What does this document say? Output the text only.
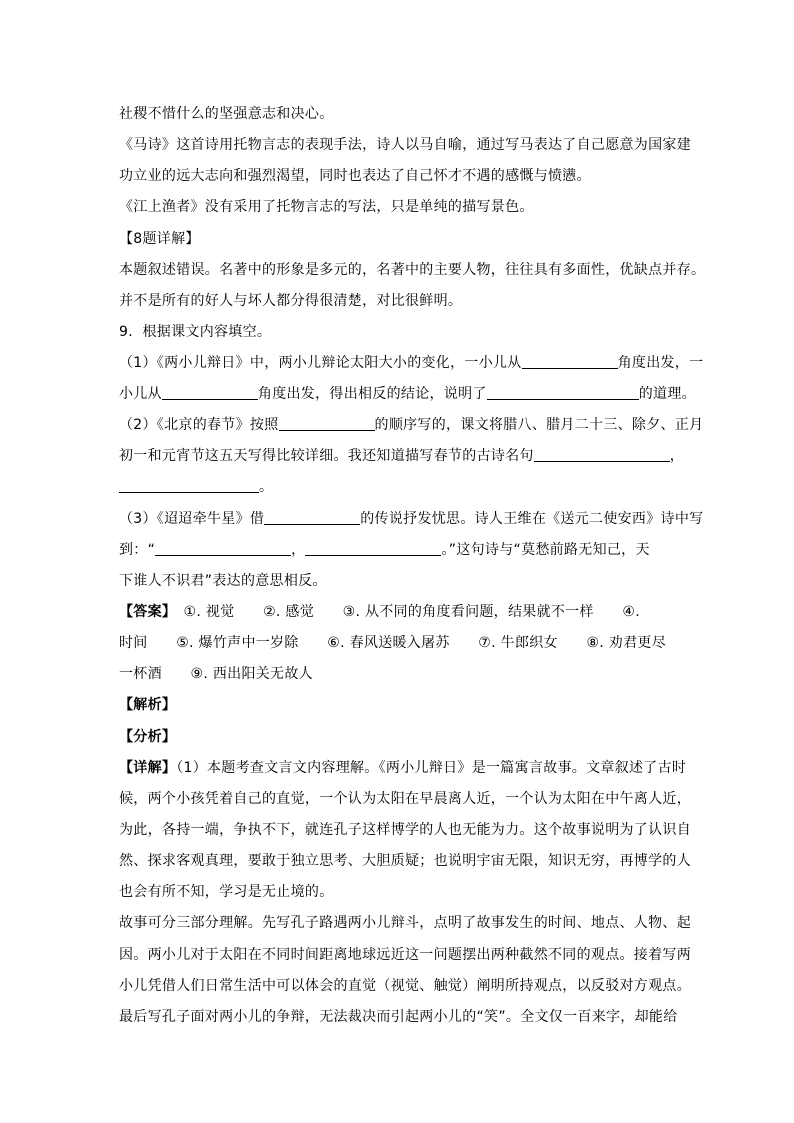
社稷不惜什么的坚强意志和决心。
《马诗》这首诗用托物言志的表现手法，诗人以马自喻，通过写马表达了自己愿意为国家建
功立业的远大志向和强烈渴望，同时也表达了自己怀才不遇的感慨与愤懑。
《江上渔者》没有采用了托物言志的写法，只是单纯的描写景色。
【8题详解】
本题叙述错误。名著中的形象是多元的，名著中的主要人物，往往具有多面性，优缺点并存。
并不是所有的好人与坏人都分得很清楚，对比很鲜明。
9．根据课文内容填空。
（1）《两小儿辩日》中，两小儿辩论太阳大小的变化，一小儿从	角度出发，一
小儿从	角度出发，得出相反的结论，说明了	的道理。
（2）《北京的春节》按照	的顺序写的，课文将腊八、腊月二十三、除夕、正月
初一和元宵节这五天写得比较详细。我还知道描写春节的古诗名句	，
。
（3）《迢迢牵牛星》借	的传说抒发忧思。诗人王维在《送元二使安西》诗中写
到：“	，	。”这句诗与“莫愁前路无知己，天
下谁人不识君”表达的意思相反。
【答案】　 ①. 视觉　　②. 感觉　　③. 从不同的角度看问题，结果就不一样　　④.
时间　　⑤. 爆竹声中一岁除　　⑥. 春风送暖入屠苏　　⑦. 牛郎织女　　⑧. 劝君更尽
一杯酒　　⑨. 西出阳关无故人
【解析】
【分析】
【详解】（1）本题考查文言文内容理解。《两小儿辩日》是一篇寓言故事。文章叙述了古时
候，两个小孩凭着自己的直觉，一个认为太阳在早晨离人近，一个认为太阳在中午离人近，
为此，各持一端，争执不下，就连孔子这样博学的人也无能为力。这个故事说明为了认识自
然、探求客观真理，要敢于独立思考、大胆质疑；也说明宇宙无限，知识无穷，再博学的人
也会有所不知，学习是无止境的。
故事可分三部分理解。先写孔子路遇两小儿辩斗，点明了故事发生的时间、地点、人物、起
因。两小儿对于太阳在不同时间距离地球远近这一问题摆出两种截然不同的观点。接着写两
小儿凭借人们日常生活中可以体会的直觉（视觉、触觉）阐明所持观点，以反驳对方观点。
最后写孔子面对两小儿的争辩，无法裁决而引起两小儿的“笑”。全文仅一百来字，却能给
